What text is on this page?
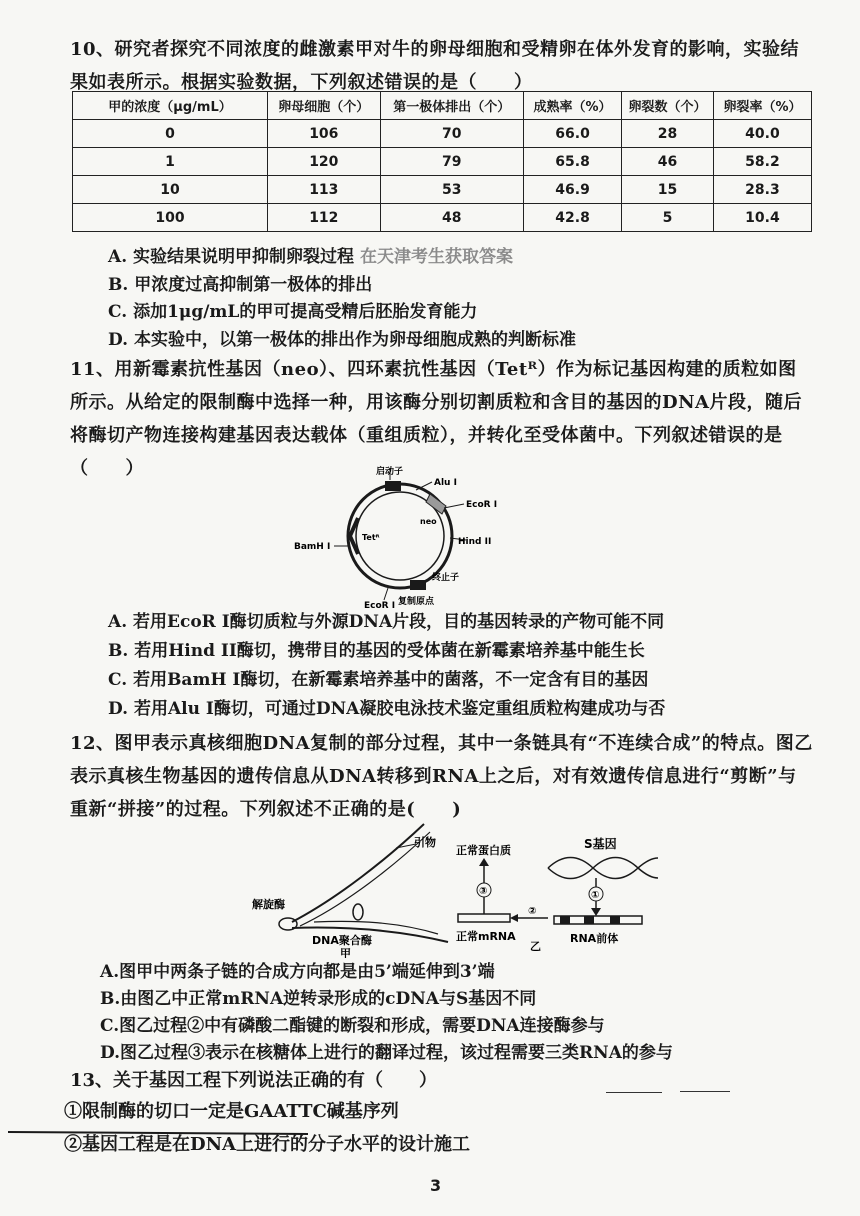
10、研究者探究不同浓度的雌激素甲对牛的卵母细胞和受精卵在体外发育的影响，实验结果如表所示。根据实验数据，下列叙述错误的是（　　）
甲的浓度（μg/mL）	卵母细胞（个）	第一极体排出（个）	成熟率（%）	卵裂数（个）	卵裂率（%）
0	106	70	66.0	28	40.0
1	120	79	65.8	46	58.2
10	113	53	46.9	15	28.3
100	112	48	42.8	5	10.4
A. 实验结果说明甲抑制卵裂过程 在天津考生获取答案
B. 甲浓度过高抑制第一极体的排出
C. 添加1μg/mL的甲可提高受精后胚胎发育能力
D. 本实验中，以第一极体的排出作为卵母细胞成熟的判断标准
11、用新霉素抗性基因（neo）、四环素抗性基因（Tetᴿ）作为标记基因构建的质粒如图所示。从给定的限制酶中选择一种，用该酶分别切割质粒和含目的基因的DNA片段，随后将酶切产物连接构建基因表达载体（重组质粒），并转化至受体菌中。下列叙述错误的是（　　）	启动子
Alu I
EcoR I
neo
Hind II
终止子
BamH I
Tetᴿ
EcoR I 复制原点
A. 若用EcoR I酶切质粒与外源DNA片段，目的基因转录的产物可能不同
B. 若用Hind II酶切，携带目的基因的受体菌在新霉素培养基中能生长
C. 若用BamH I酶切，在新霉素培养基中的菌落，不一定含有目的基因
D. 若用Alu I酶切，可通过DNA凝胶电泳技术鉴定重组质粒构建成功与否
12、图甲表示真核细胞DNA复制的部分过程，其中一条链具有“不连续合成”的特点。图乙表示真核生物基因的遗传信息从DNA转移到RNA上之后，对有效遗传信息进行“剪断”与重新“拼接”的过程。下列叙述不正确的是(　　)
引物
解旋酶
DNA聚合酶
甲
正常蛋白质
③
正常mRNA
乙
②
S基因
①
RNA前体
A.图甲中两条子链的合成方向都是由5’端延伸到3’端
B.由图乙中正常mRNA逆转录形成的cDNA与S基因不同
C.图乙过程②中有磷酸二酯键的断裂和形成，需要DNA连接酶参与
D.图乙过程③表示在核糖体上进行的翻译过程，该过程需要三类RNA的参与
13、关于基因工程下列说法正确的有（　　）
①限制酶的切口一定是GAATTC碱基序列
②基因工程是在DNA上进行的分子水平的设计施工
3
